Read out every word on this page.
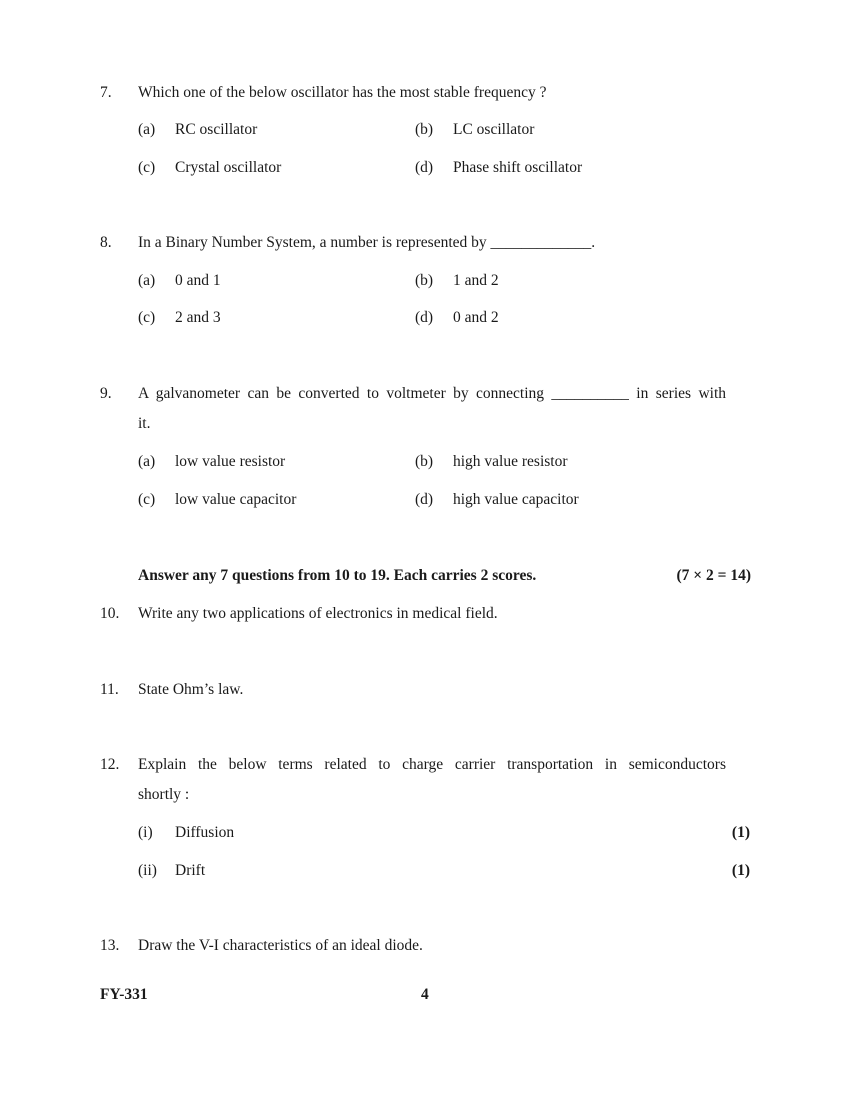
7. Which one of the below oscillator has the most stable frequency ?
(a) RC oscillator	(b) LC oscillator
(c) Crystal oscillator	(d) Phase shift oscillator
8. In a Binary Number System, a number is represented by _____________.
(a) 0 and 1	(b) 1 and 2
(c) 2 and 3	(d) 0 and 2
9. A galvanometer can be converted to voltmeter by connecting __________ in series with
it.
(a) low value resistor	(b) high value resistor
(c) low value capacitor	(d) high value capacitor
Answer any 7 questions from 10 to 19. Each carries 2 scores.	(7 × 2 = 14)
10. Write any two applications of electronics in medical field.
11. State Ohm’s law.
12. Explain the below terms related to charge carrier transportation in semiconductors
shortly :
(i) Diffusion	(1)
(ii) Drift	(1)
13. Draw the V-I characteristics of an ideal diode.
FY-331	4
